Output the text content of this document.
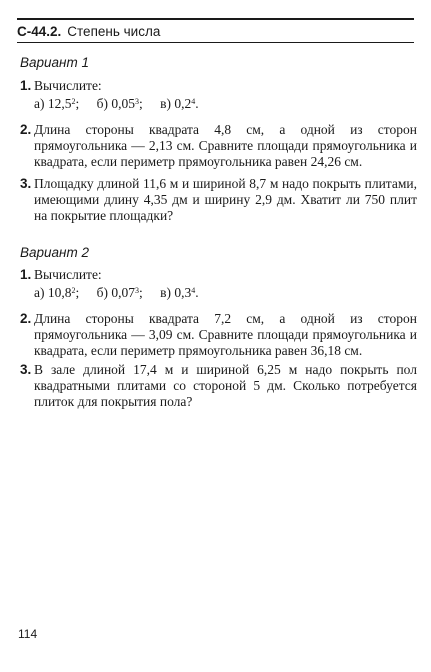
С-44.2. Степень числа
Вариант 1
1. Вычислите:
а) 12,5$^2$; б) 0,05$^3$; в) $0,2^4$.
2. Длина стороны квадрата 4,8 см, а одной из сторон прямоугольника — 2,13 см. Сравните площади прямоугольника и квадрата, если периметр прямоугольника равен 24,26 см.
3. Площадку длиной 11,6 м и шириной 8,7 м надо покрыть плитами, имеющими длину 4,35 дм и ширину 2,9 дм. Хватит ли 750 плит на покрытие площадки?
Вариант 2
1. Вычислите:
а) 10,8$^2$; б) 0,07$^3$; в) $0,3^4$.
2. Длина стороны квадрата 7,2 см, а одной из сторон прямоугольника — 3,09 см. Сравните площади прямоугольника и квадрата, если периметр прямоугольника равен 36,18 см.
3. В зале длиной 17,4 м и шириной 6,25 м надо покрыть пол квадратными плитами со стороной 5 дм. Сколько потребуется плиток для покрытия пола?
114
